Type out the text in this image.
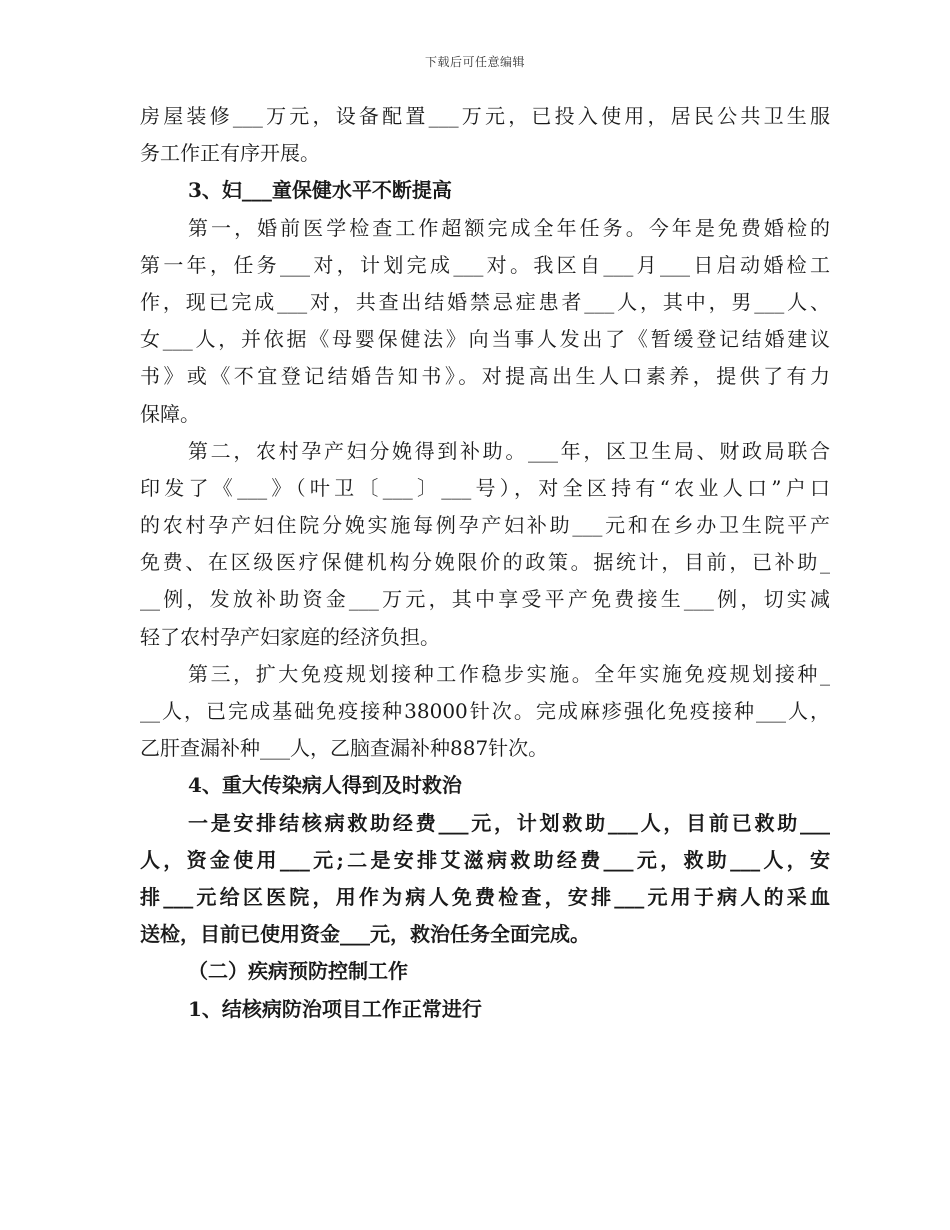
下载后可任意编辑
房屋装修___万元，设备配置___万元，已投入使用，居民公共卫生服
务工作正有序开展。
3、妇___童保健水平不断提高
第一，婚前医学检查工作超额完成全年任务。今年是免费婚检的
第一年，任务___对，计划完成___对。我区自___月___日启动婚检工
作，现已完成___对，共查出结婚禁忌症患者___人，其中，男___人、
女___人，并依据《母婴保健法》向当事人发出了《暂缓登记结婚建议
书》或《不宜登记结婚告知书》。对提高出生人口素养，提供了有力
保障。
第二，农村孕产妇分娩得到补助。___年，区卫生局、财政局联合
印发了《___》（叶卫〔___〕___号），对全区持有“农业人口”户口
的农村孕产妇住院分娩实施每例孕产妇补助___元和在乡办卫生院平产
免费、在区级医疗保健机构分娩限价的政策。据统计，目前，已补助_
__例，发放补助资金___万元，其中享受平产免费接生___例，切实减
轻了农村孕产妇家庭的经济负担。
第三，扩大免疫规划接种工作稳步实施。全年实施免疫规划接种_
__人，已完成基础免疫接种38000针次。完成麻疹强化免疫接种___人，
乙肝查漏补种___人，乙脑查漏补种887针次。
4、重大传染病人得到及时救治
一是安排结核病救助经费___元，计划救助___人，目前已救助___
人，资金使用___元;二是安排艾滋病救助经费___元，救助___人，安
排___元给区医院，用作为病人免费检查，安排___元用于病人的采血
送检，目前已使用资金___元，救治任务全面完成。
（二）疾病预防控制工作
1、结核病防治项目工作正常进行
